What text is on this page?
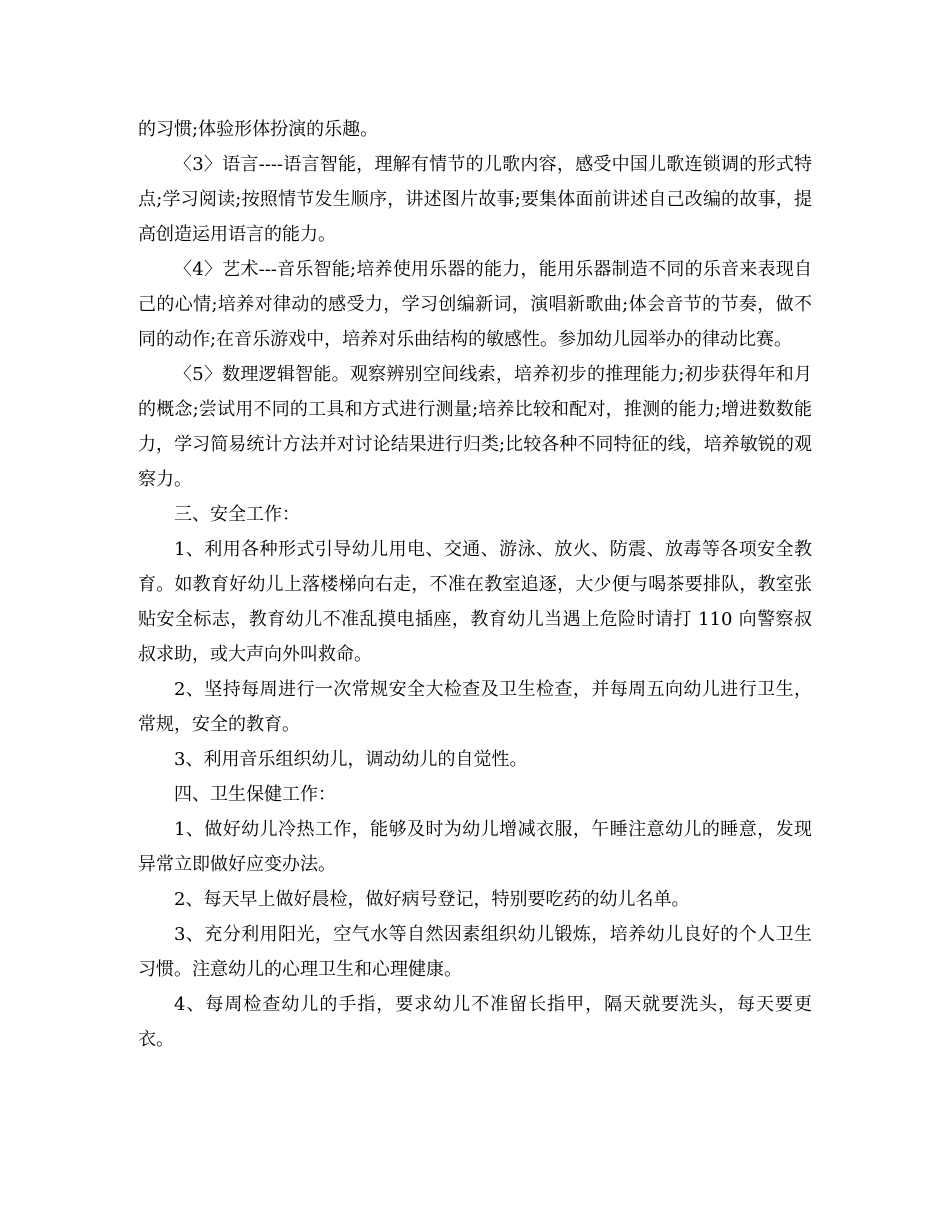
的习惯;体验形体扮演的乐趣。

〈3〉语言----语言智能，理解有情节的儿歌内容，感受中国儿歌连锁调的形式特点;学习阅读;按照情节发生顺序，讲述图片故事;要集体面前讲述自己改编的故事，提高创造运用语言的能力。

〈4〉艺术---音乐智能;培养使用乐器的能力，能用乐器制造不同的乐音来表现自己的心情;培养对律动的感受力，学习创编新词，演唱新歌曲;体会音节的节奏，做不同的动作;在音乐游戏中，培养对乐曲结构的敏感性。参加幼儿园举办的律动比赛。

〈5〉数理逻辑智能。观察辨别空间线索，培养初步的推理能力;初步获得年和月的概念;尝试用不同的工具和方式进行测量;培养比较和配对，推测的能力;增进数数能力，学习简易统计方法并对讨论结果进行归类;比较各种不同特征的线，培养敏锐的观察力。

三、安全工作：

1、利用各种形式引导幼儿用电、交通、游泳、放火、防震、放毒等各项安全教育。如教育好幼儿上落楼梯向右走，不准在教室追逐，大少便与喝茶要排队，教室张贴安全标志，教育幼儿不准乱摸电插座，教育幼儿当遇上危险时请打 110 向警察叔叔求助，或大声向外叫救命。

2、坚持每周进行一次常规安全大检查及卫生检查，并每周五向幼儿进行卫生，常规，安全的教育。

3、利用音乐组织幼儿，调动幼儿的自觉性。

四、卫生保健工作：

1、做好幼儿冷热工作，能够及时为幼儿增减衣服，午睡注意幼儿的睡意，发现异常立即做好应变办法。

2、每天早上做好晨检，做好病号登记，特别要吃药的幼儿名单。

3、充分利用阳光，空气水等自然因素组织幼儿锻炼，培养幼儿良好的个人卫生习惯。注意幼儿的心理卫生和心理健康。

4、每周检查幼儿的手指，要求幼儿不准留长指甲，隔天就要洗头，每天要更衣。
